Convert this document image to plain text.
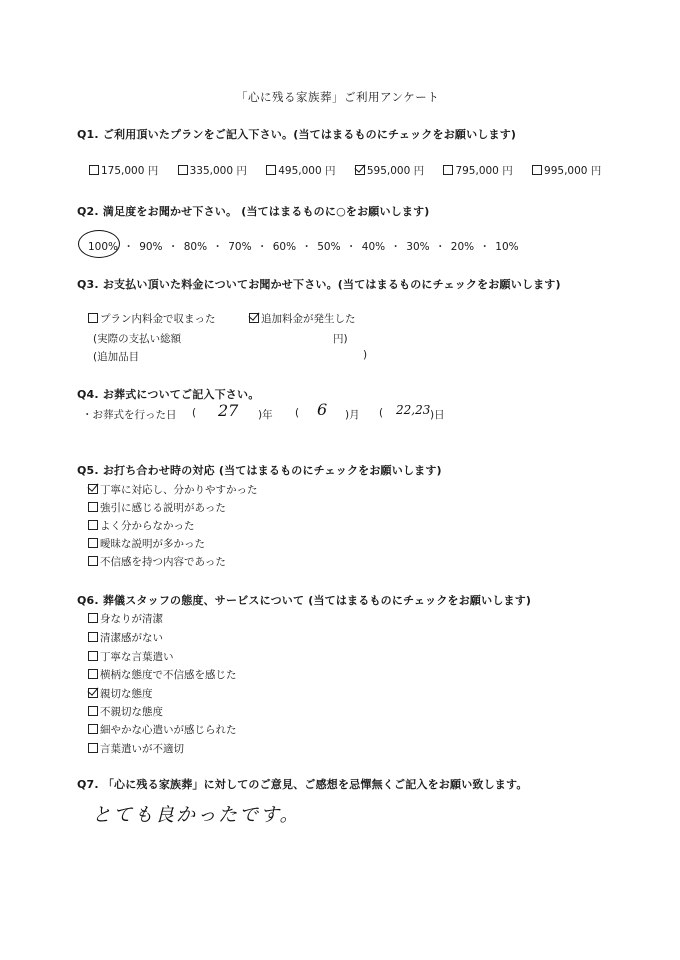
「心に残る家族葬」ご利用アンケート
Q1. ご利用頂いたプランをご記入下さい。(当てはまるものにチェックをお願いします)
175,000 円	335,000 円	495,000 円	595,000 円	795,000 円	995,000 円
Q2. 満足度をお聞かせ下さい。 (当てはまるものに○をお願いします)
100% ・ 90% ・ 80% ・ 70% ・ 60% ・ 50% ・ 40% ・ 30% ・ 20% ・ 10%
Q3. お支払い頂いた料金についてお聞かせ下さい。(当てはまるものにチェックをお願いします)
プラン内料金で収まった	追加料金が発生した
(実際の支払い総額	円)
(追加品目	)
Q4. お葬式についてご記入下さい。
・お葬式を行った日 ( 27 )年 ( 6 )月 ( 22,23 )日
Q5. お打ち合わせ時の対応 (当てはまるものにチェックをお願いします)
丁寧に対応し、分かりやすかった
強引に感じる説明があった
よく分からなかった
曖昧な説明が多かった
不信感を持つ内容であった
Q6. 葬儀スタッフの態度、サービスについて (当てはまるものにチェックをお願いします)
身なりが清潔
清潔感がない
丁寧な言葉遣い
横柄な態度で不信感を感じた
親切な態度
不親切な態度
細やかな心遣いが感じられた
言葉遣いが不適切
Q7. 「心に残る家族葬」に対してのご意見、ご感想を忌憚無くご記入をお願い致します。
とても良かったです。
